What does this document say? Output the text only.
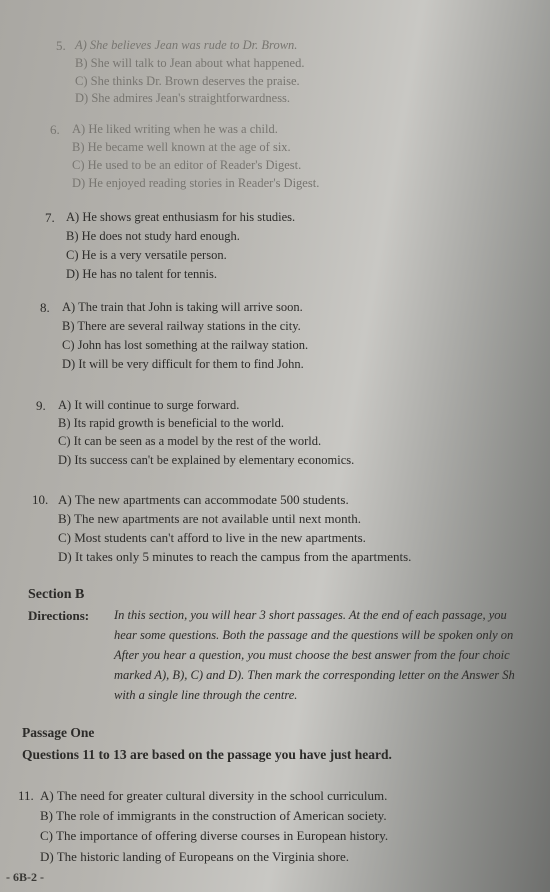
5. A) She believes Jean was rude to Dr. Brown.
B) She will talk to Jean about what happened.
C) She thinks Dr. Brown deserves the praise.
D) She admires Jean's straightforwardness.
6. A) He liked writing when he was a child.
B) He became well known at the age of six.
C) He used to be an editor of Reader's Digest.
D) He enjoyed reading stories in Reader's Digest.
7. A) He shows great enthusiasm for his studies.
B) He does not study hard enough.
C) He is a very versatile person.
D) He has no talent for tennis.
8. A) The train that John is taking will arrive soon.
B) There are several railway stations in the city.
C) John has lost something at the railway station.
D) It will be very difficult for them to find John.
9. A) It will continue to surge forward.
B) Its rapid growth is beneficial to the world.
C) It can be seen as a model by the rest of the world.
D) Its success can't be explained by elementary economics.
10. A) The new apartments can accommodate 500 students.
B) The new apartments are not available until next month.
C) Most students can't afford to live in the new apartments.
D) It takes only 5 minutes to reach the campus from the apartments.
Section B
Directions: In this section, you will hear 3 short passages. At the end of each passage, you
hear some questions. Both the passage and the questions will be spoken only on
After you hear a question, you must choose the best answer from the four choic
marked A), B), C) and D). Then mark the corresponding letter on the Answer Sh
with a single line through the centre.
Passage One
Questions 11 to 13 are based on the passage you have just heard.
11. A) The need for greater cultural diversity in the school curriculum.
B) The role of immigrants in the construction of American society.
C) The importance of offering diverse courses in European history.
D) The historic landing of Europeans on the Virginia shore.
- 6B-2 -
